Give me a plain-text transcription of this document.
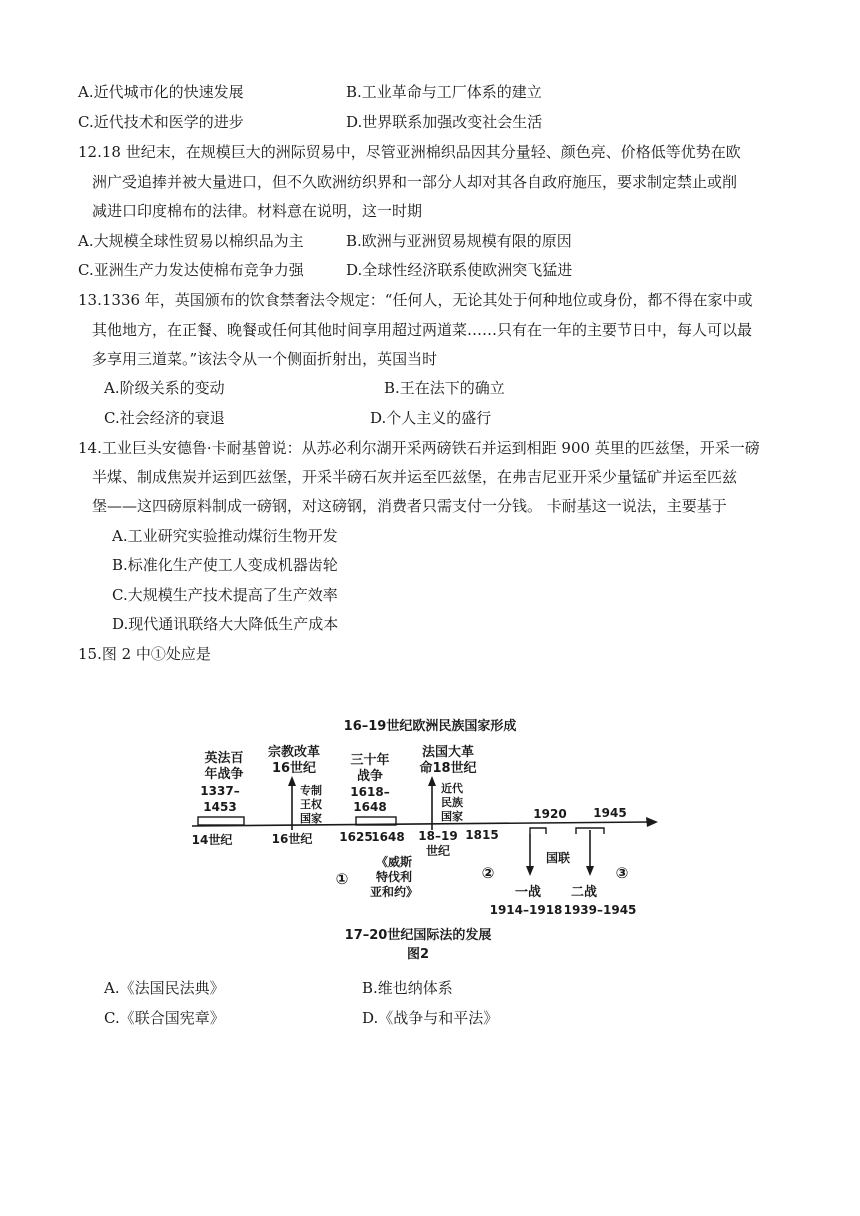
A.近代城市化的快速发展	B.工业革命与工厂体系的建立
C.近代技术和医学的进步	D.世界联系加强改变社会生活
12.18 世纪末，在规模巨大的洲际贸易中，尽管亚洲棉织品因其分量轻、颜色亮、价格低等优势在欧
洲广受追捧并被大量进口，但不久欧洲纺织界和一部分人却对其各自政府施压，要求制定禁止或削
减进口印度棉布的法律。材料意在说明，这一时期
A.大规模全球性贸易以棉织品为主	B.欧洲与亚洲贸易规模有限的原因
C.亚洲生产力发达使棉布竞争力强	D.全球性经济联系使欧洲突飞猛进
13.1336 年，英国颁布的饮食禁奢法令规定：“任何人，无论其处于何种地位或身份，都不得在家中或
其他地方，在正餐、晚餐或任何其他时间享用超过两道菜……只有在一年的主要节日中，每人可以最
多享用三道菜。”该法令从一个侧面折射出，英国当时
A.阶级关系的变动	B.王在法下的确立
C.社会经济的衰退	D.个人主义的盛行
14.工业巨头安德鲁·卡耐基曾说：从苏必利尔湖开采两磅铁石并运到相距 900 英里的匹兹堡，开采一磅
半煤、制成焦炭并运到匹兹堡，开采半磅石灰并运至匹兹堡，在弗吉尼亚开采少量锰矿并运至匹兹
堡——这四磅原料制成一磅钢，对这磅钢，消费者只需支付一分钱。 卡耐基这一说法，主要基于
A.工业研究实验推动煤衍生物开发
B.标准化生产使工人变成机器齿轮
C.大规模生产技术提高了生产效率
D.现代通讯联络大大降低生产成本
15.图 2 中①处应是
16–19世纪欧洲民族国家形成
英法百
年战争
1337–
1453
宗教改革
16世纪
三十年
战争
1618–
1648
法国大革
命18世纪
专制
王权
国家
近代
民族
国家
14世纪	16世纪 1625
1648 18–19
世纪
1815
1920 1945
国联
①	②	③
《威斯
特伐利
亚和约》	一战
1914–1918
二战
1939–1945
17–20世纪国际法的发展
图2
A.《法国民法典》	B.维也纳体系
C.《联合国宪章》	D.《战争与和平法》
